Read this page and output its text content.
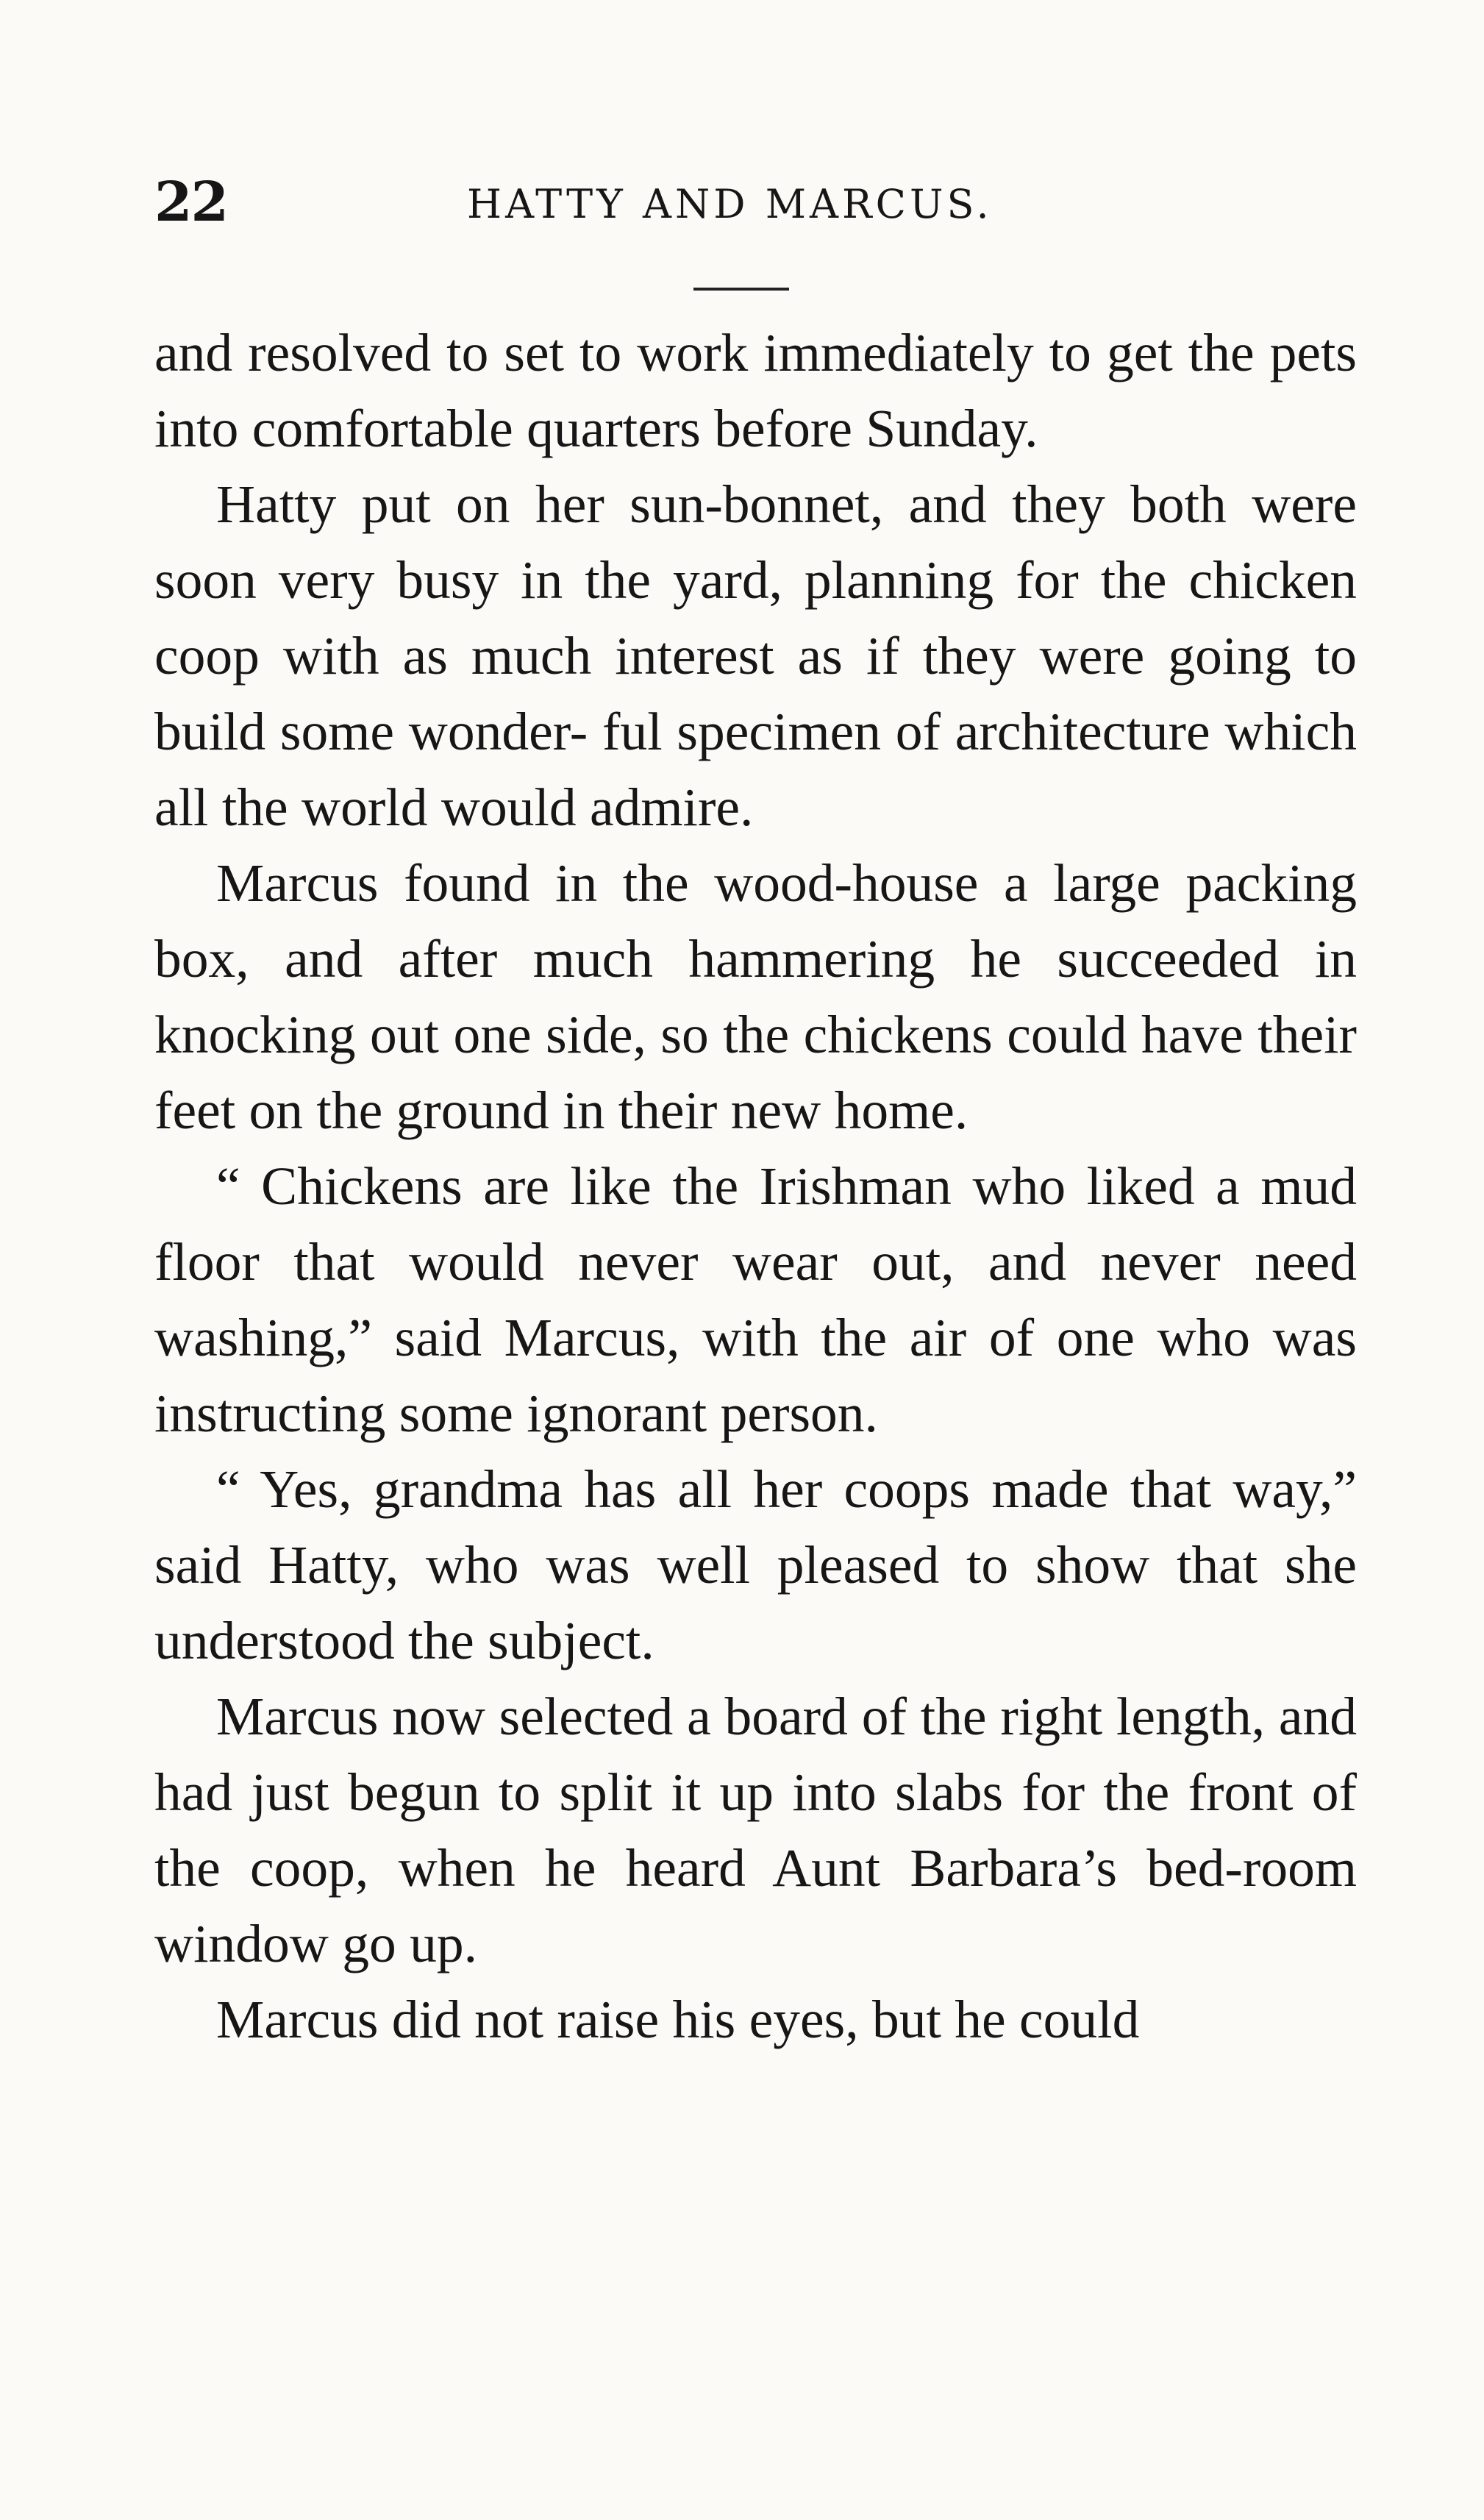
22	HATTY AND MARCUS.

and resolved to set to work immediately to get the pets into comfortable quarters before Sunday.

Hatty put on her sun-bonnet, and they both were soon very busy in the yard, planning for the chicken coop with as much interest as if they were going to build some wonder- ful specimen of architecture which all the world would admire.

Marcus found in the wood-house a large packing box, and after much hammering he succeeded in knocking out one side, so the chickens could have their feet on the ground in their new home.

“ Chickens are like the Irishman who liked a mud floor that would never wear out, and never need washing,” said Marcus, with the air of one who was instructing some ignorant person.

“ Yes, grandma has all her coops made that way,” said Hatty, who was well pleased to show that she understood the subject.

Marcus now selected a board of the right length, and had just begun to split it up into slabs for the front of the coop, when he heard Aunt Barbara’s bed-room window go up.

Marcus did not raise his eyes, but he could
